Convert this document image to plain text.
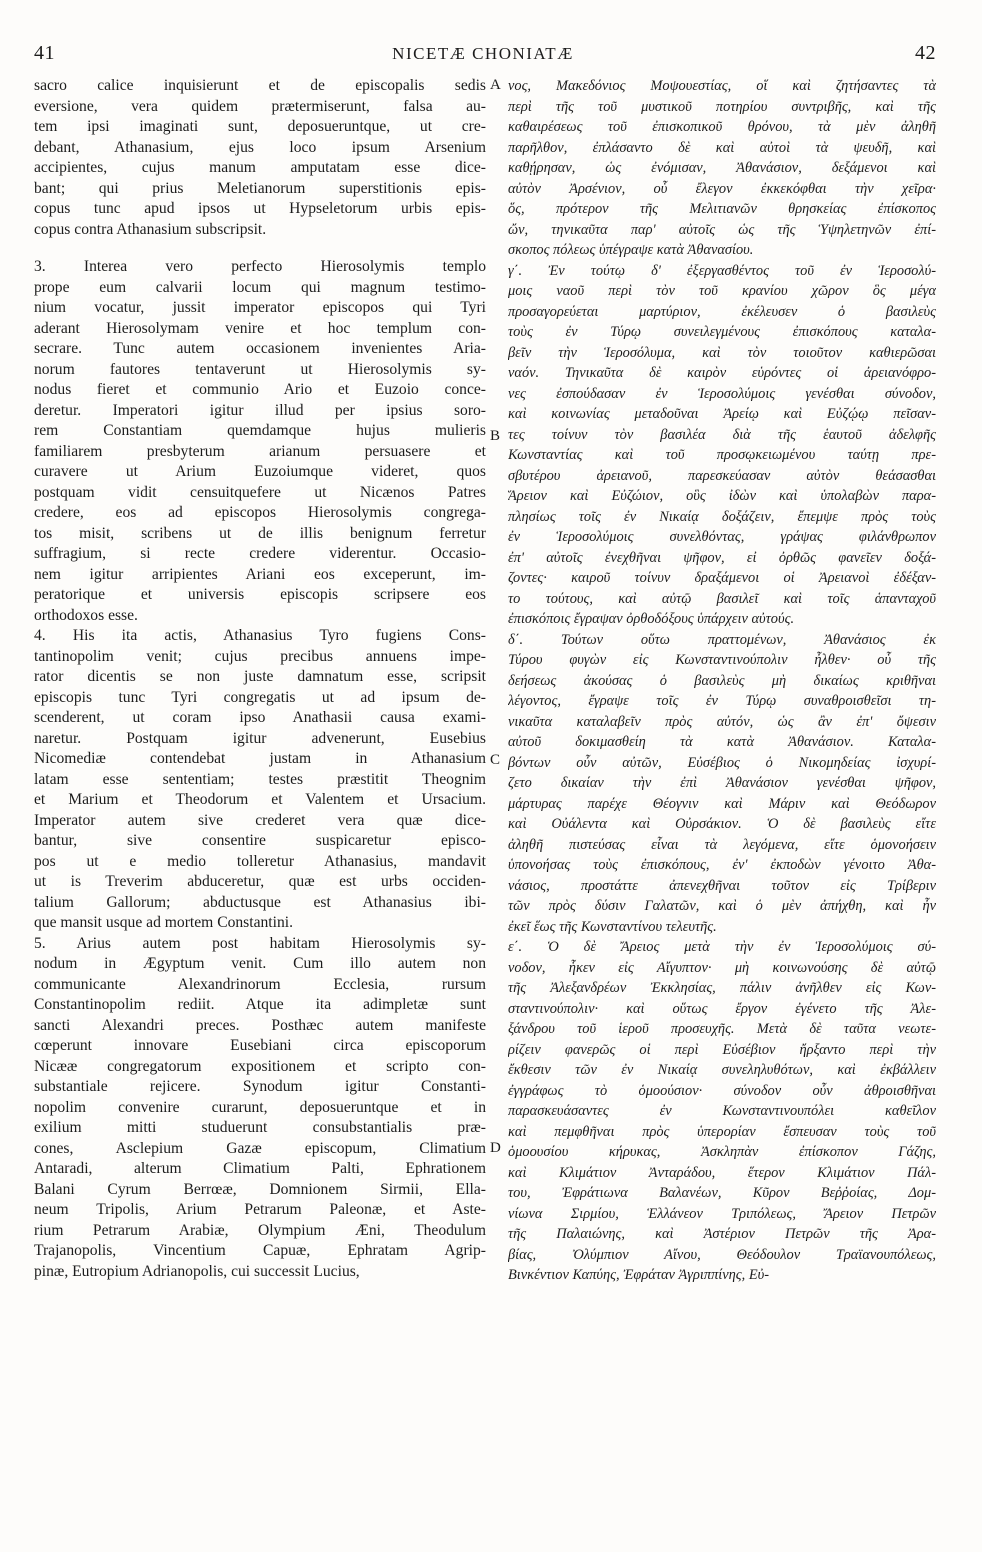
41	NICETÆ CHONIATÆ	42
sacro calice inquisierunt et de episcopalis sedis
eversione, vera quidem prætermiserunt, falsa au-
tem ipsi imaginati sunt, deposueruntque, ut cre-
debant, Athanasium, ejus loco ipsum Arsenium
accipientes, cujus manum amputatam esse dice-
bant; qui prius Meletianorum superstitionis epis-
copus tunc apud ipsos ut Hypseletorum urbis epis-
copus contra Athanasium subscripsit.
3. Interea vero perfecto Hierosolymis templo
prope eum calvarii locum qui magnum testimo-
nium vocatur, jussit imperator episcopos qui Tyri
aderant Hierosolymam venire et hoc templum con-
secrare. Tunc autem occasionem invenientes Aria-
norum fautores tentaverunt ut Hierosolymis sy-
nodus fieret et communio Ario et Euzoio conce-
deretur. Imperatori igitur illud per ipsius soro-
rem Constantiam quemdamque hujus mulieris
familiarem presbyterum arianum persuasere et
curavere ut Arium Euzoiumque videret, quos
postquam vidit censuitquefere ut Nicænos Patres
credere, eos ad episcopos Hierosolymis congrega-
tos misit, scribens ut de illis benignum ferretur
suffragium, si recte credere viderentur. Occasio-
nem igitur arripientes Ariani eos exceperunt, im-
peratorique et universis episcopis scripsere eos
orthodoxos esse.
4. His ita actis, Athanasius Tyro fugiens Cons-
tantinopolim venit; cujus precibus annuens impe-
rator dicentis se non juste damnatum esse, scripsit
episcopis tunc Tyri congregatis ut ad ipsum de-
scenderent, ut coram ipso Anathasii causa exami-
naretur. Postquam igitur advenerunt, Eusebius
Nicomediæ contendebat justam in Athanasium
latam esse sententiam; testes præstitit Theognim
et Marium et Theodorum et Valentem et Ursacium.
Imperator autem sive crederet vera quæ dice-
bantur, sive consentire suspicaretur episco-
pos ut e medio tolleretur Athanasius, mandavit
ut is Treverim abduceretur, quæ est urbs occiden-
talium Gallorum; abductusque est Athanasius ibi-
que mansit usque ad mortem Constantini.
5. Arius autem post habitam Hierosolymis sy-
nodum in Ægyptum venit. Cum illo autem non
communicante Alexandrinorum Ecclesia, rursum
Constantinopolim rediit. Atque ita adimpletæ sunt
sancti Alexandri preces. Posthæc autem manifeste
cœperunt innovare Eusebiani circa episcoporum
Nicææ congregatorum expositionem et scripto con-
substantiale rejicere. Synodum igitur Constanti-
nopolim convenire curarunt, deposueruntque et in
exilium mitti studuerunt consubstantialis præ-
cones, Asclepium Gazæ episcopum, Climatium
Antaradi, alterum Climatium Palti, Ephrationem
Balani Cyrum Berrœæ, Domnionem Sirmii, Ella-
neum Tripolis, Arium Petrarum Paleonæ, et Aste-
rium Petrarum Arabiæ, Olympium Æni, Theodulum
Trajanopolis, Vincentium Capuæ, Ephratam Agrip-
pinæ, Eutropium Adrianopolis, cui successit Lucius,
νος, Μακεδόνιος Μοψουεστίας, οἵ καὶ ζητήσαντες τὰ
περὶ τῆς τοῦ μυστικοῦ ποτηρίου συντριβῆς, καὶ τῆς
καθαιρέσεως τοῦ ἐπισκοπικοῦ θρόνου, τὰ μὲν ἀληθῆ
παρῆλθον, ἐπλάσαντο δὲ καὶ αὐτοὶ τὰ ψευδῆ, καὶ
καθῄρησαν, ὡς ἐνόμισαν, Ἀθανάσιον, δεξάμενοι καὶ
αὐτὸν Ἀρσένιον, οὗ ἔλεγον ἐκκεκόφθαι τὴν χεῖρα·
ὅς, πρότερον τῆς Μελιτιανῶν θρησκείας ἐπίσκοπος
ὤν, τηνικαῦτα παρ' αὐτοῖς ὡς τῆς Ὑψηλετηνῶν ἐπί-
σκοπος πόλεως ὑπέγραψε κατὰ Ἀθανασίου.
γ΄. Ἐν τούτῳ δ' ἐξεργασθέντος τοῦ ἐν Ἱεροσολύ-
μοις ναοῦ περὶ τὸν τοῦ κρανίου χῶρον ὃς μέγα
προσαγορεύεται μαρτύριον, ἐκέλευσεν ὁ βασιλεὺς
τοὺς ἐν Τύρῳ συνειλεγμένους ἐπισκόπους καταλα-
βεῖν τὴν Ἱεροσόλυμα, καὶ τὸν τοιοῦτον καθιερῶσαι
ναόν. Τηνικαῦτα δὲ καιρὸν εὑρόντες οἱ ἀρειανόφρο-
νες ἐσπούδασαν ἐν Ἱεροσολύμοις γενέσθαι σύνοδον,
καὶ κοινωνίας μεταδοῦναι Ἀρείῳ καὶ Εὐζῴῳ πεῖσαν-
τες τοίνυν τὸν βασιλέα διὰ τῆς ἑαυτοῦ ἀδελφῆς
Κωνσταντίας καὶ τοῦ προσῳκειωμένου ταύτῃ πρε-
σβυτέρου ἀρειανοῦ, παρεσκεύασαν αὐτὸν θεάσασθαι
Ἄρειον καὶ Εὐζώιον, οὓς ἰδὼν καὶ ὑπολαβὼν παρα-
πλησίως τοῖς ἐν Νικαίᾳ δοξάζειν, ἔπεμψε πρὸς τοὺς
ἐν Ἱεροσολύμοις συνελθόντας, γράψας φιλάνθρωπον
ἐπ' αὐτοῖς ἐνεχθῆναι ψῆφον, εἰ ὀρθῶς φανεῖεν δοξά-
ζοντες· καιροῦ τοίνυν δραξάμενοι οἱ Ἀρειανοὶ ἐδέξαν-
το τούτους, καὶ αὐτῷ βασιλεῖ καὶ τοῖς ἁπανταχοῦ
ἐπισκόποις ἔγραψαν ὀρθοδόξους ὑπάρχειν αὐτούς.
δ΄. Τούτων οὕτω πραττομένων, Ἀθανάσιος ἐκ
Τύρου φυγὼν εἰς Κωνσταντινούπολιν ἦλθεν· οὗ τῆς
δεήσεως ἀκούσας ὁ βασιλεὺς μὴ δικαίως κριθῆναι
λέγοντος, ἔγραψε τοῖς ἐν Τύρῳ συναθροισθεῖσι τη-
νικαῦτα καταλαβεῖν πρὸς αὐτόν, ὡς ἂν ἐπ' ὄψεσιν
αὐτοῦ δοκιμασθείη τὰ κατὰ Ἀθανάσιον. Καταλα-
βόντων οὖν αὐτῶν, Εὐσέβιος ὁ Νικομηδείας ἰσχυρί-
ζετο δικαίαν τὴν ἐπὶ Ἀθανάσιον γενέσθαι ψῆφον,
μάρτυρας παρέχε Θέογνιν καὶ Μάριν καὶ Θεόδωρον
καὶ Οὐάλεντα καὶ Οὐρσάκιον. Ὁ δὲ βασιλεὺς εἴτε
ἀληθῆ πιστεύσας εἶναι τὰ λεγόμενα, εἴτε ὁμονοήσειν
ὑπονοήσας τοὺς ἐπισκόπους, ἐν' ἐκποδὼν γένοιτο Ἀθα-
νάσιος, προστάττε ἀπενεχθῆναι τοῦτον εἰς Τρίβεριν
τῶν πρὸς δύσιν Γαλατῶν, καὶ ὁ μὲν ἀπήχθη, καὶ ἦν
ἐκεῖ ἕως τῆς Κωνσταντίνου τελευτῆς.
ε΄. Ὁ δὲ Ἄρειος μετὰ τὴν ἐν Ἱεροσολύμοις σύ-
νοδον, ἧκεν εἰς Αἴγυπτον· μὴ κοινωνούσης δὲ αὐτῷ
τῆς Ἀλεξανδρέων Ἐκκλησίας, πάλιν ἀνῆλθεν εἰς Κων-
σταντινούπολιν· καὶ οὕτως ἔργον ἐγένετο τῆς Ἀλε-
ξάνδρου τοῦ ἱεροῦ προσευχῆς. Μετὰ δὲ ταῦτα νεωτε-
ρίζειν φανερῶς οἱ περὶ Εὐσέβιον ἤρξαντο περὶ τὴν
ἔκθεσιν τῶν ἐν Νικαίᾳ συνεληλυθότων, καὶ ἐκβάλλειν
ἐγγράφως τὸ ὁμοούσιον· σύνοδον οὖν ἀθροισθῆναι
παρασκευάσαντες ἐν Κωνσταντινουπόλει καθεῖλον
καὶ πεμφθῆναι πρὸς ὑπερορίαν ἔσπευσαν τοὺς τοῦ
ὁμοουσίου κήρυκας, Ἀσκληπὰν ἐπίσκοπον Γάζης,
καὶ Κλιμάτιον Ἀνταράδου, ἕτερον Κλιμάτιον Πάλ-
του, Ἐφράτιωνα Βαλανέων, Κῦρον Βεῤῥοίας, Δομ-
νίωνα Σιρμίου, Ἑλλάνεον Τριπόλεως, Ἄρειον Πετρῶν
τῆς Παλαιώνης, καὶ Ἀστέριον Πετρῶν τῆς Ἀρα-
βίας, Ὀλύμπιον Αἴνου, Θεόδουλον Τραϊανουπόλεως,
Βινκέντιον Καπύης, Ἐφράταν Ἀγριππίνης, Εὐ-
A
B
C
D
